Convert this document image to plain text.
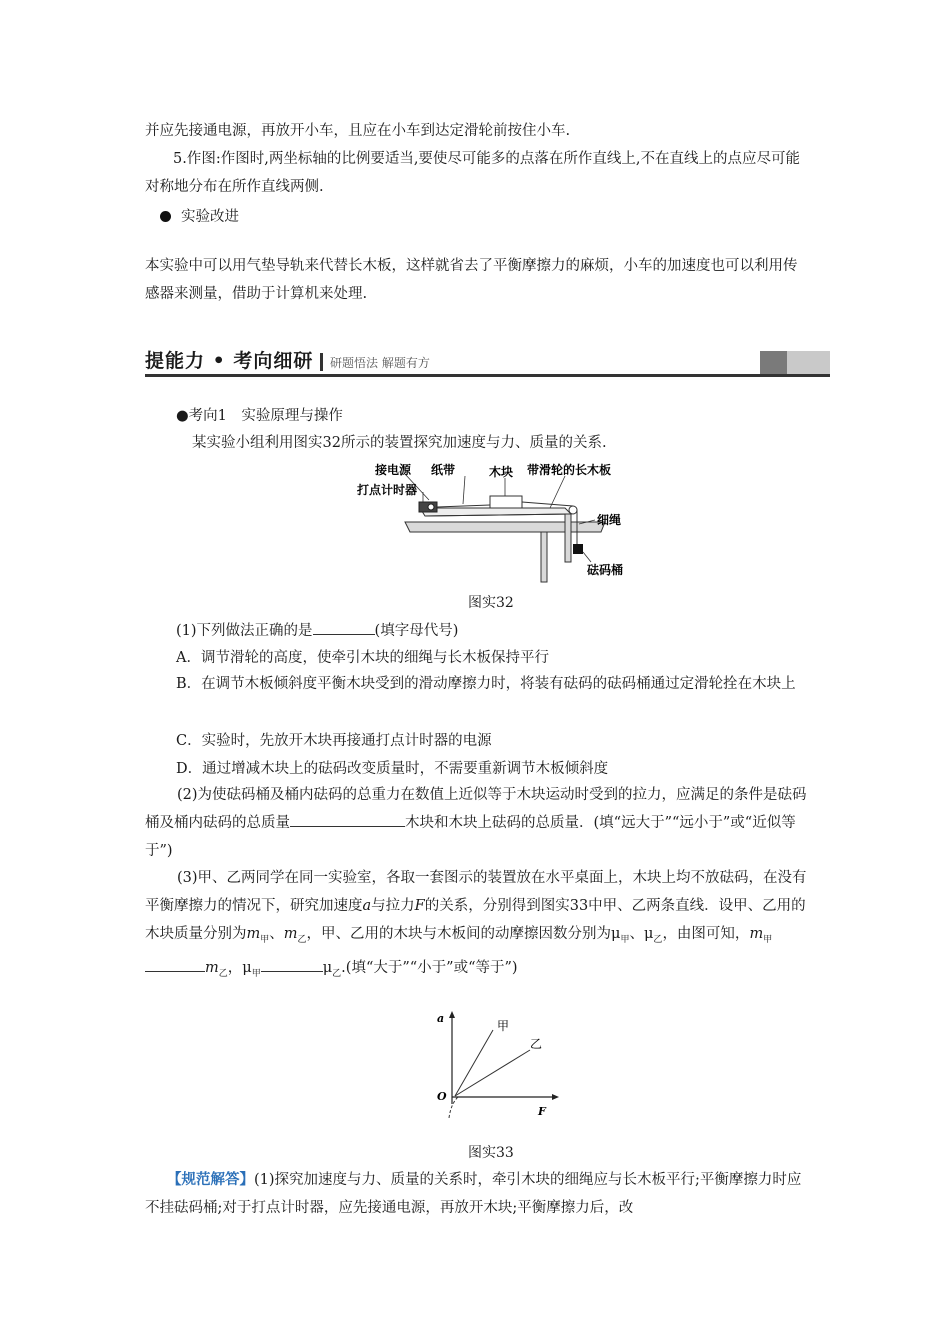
并应先接通电源，再放开小车，且应在小车到达定滑轮前按住小车.

5.作图:作图时,两坐标轴的比例要适当,要使尽可能多的点落在所作直线上,不在直线上的点应尽可能对称地分布在所作直线两侧.

实验改进

本实验中可以用气垫导轨来代替长木板，这样就省去了平衡摩擦力的麻烦，小车的加速度也可以利用传感器来测量，借助于计算机来处理.

提能力 • 考向细研 研题悟法 解题有方
●考向1　实验原理与操作
某实验小组利用图实32所示的装置探究加速度与力、质量的关系.
接电源 纸带	木块 带滑轮的长木板
打点计时器
细绳
砝码桶
图实32
(1)下列做法正确的是	(填字母代号)
A．调节滑轮的高度，使牵引木块的细绳与长木板保持平行

B．在调节木板倾斜度平衡木块受到的滑动摩擦力时，将装有砝码的砝码桶通过定滑轮拴在木块上

C．实验时，先放开木块再接通打点计时器的电源
D．通过增减木块上的砝码改变质量时，不需要重新调节木板倾斜度

(2)为使砝码桶及桶内砝码的总重力在数值上近似等于木块运动时受到的拉力，应满足的条件是砝码桶及桶内砝码的总质量	木块和木块上砝码的总质量．(填“远大于”“远小于”或“近似等于”)

(3)甲、乙两同学在同一实验室，各取一套图示的装置放在水平桌面上，木块上均不放砝码，在没有平衡摩擦力的情况下，研究加速度a与拉力F的关系，分别得到图实33中甲、乙两条直线．设甲、乙用的木块质量分别为$m_甲$、$m_乙$，甲、乙用的木块与木板间的动摩擦因数分别为$\mu_甲$、$\mu_乙$，由图可知，$m_甲m_乙$，$\mu_甲$	$\mu_乙$.(填“大于”“小于”或“等于”)

a
F
O
甲
乙
图实33

【规范解答】(1)探究加速度与力、质量的关系时，牵引木块的细绳应与长木板平行;平衡摩擦力时应不挂砝码桶;对于打点计时器，应先接通电源，再放开木块;平衡摩擦力后，改
